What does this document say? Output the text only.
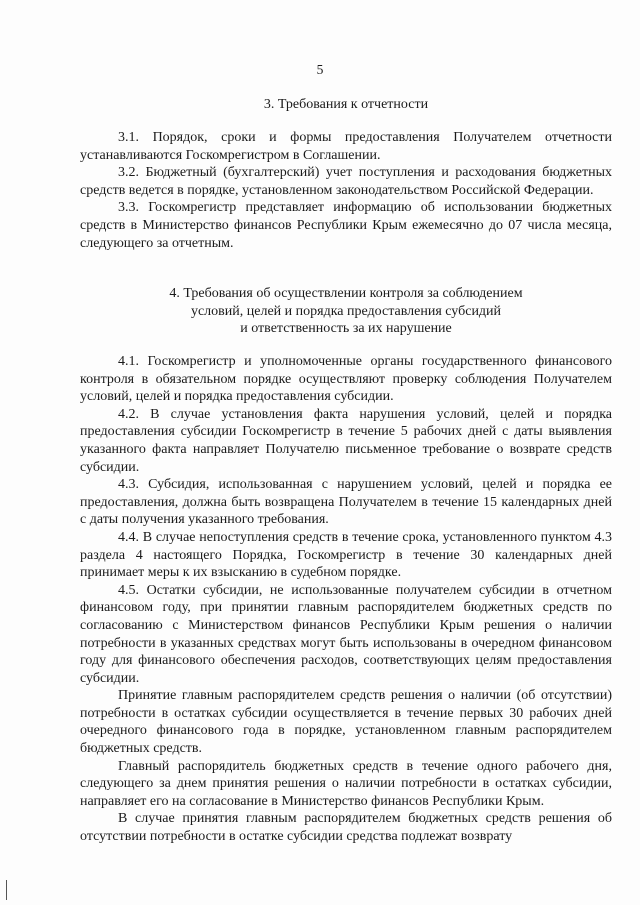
5
3. Требования к отчетности

3.1. Порядок, сроки и формы предоставления Получателем отчетности устанавливаются Госкомрегистром в Соглашении.

3.2. Бюджетный (бухгалтерский) учет поступления и расходования бюджетных средств ведется в порядке, установленном законодательством Российской Федерации.

3.3. Госкомрегистр представляет информацию об использовании бюджетных средств в Министерство финансов Республики Крым ежемесячно до 07 числа месяца, следующего за отчетным.

4. Требования об осуществлении контроля за соблюдением
условий, целей и порядка предоставления субсидий
и ответственность за их нарушение

4.1. Госкомрегистр и уполномоченные органы государственного финансового контроля в обязательном порядке осуществляют проверку соблюдения Получателем условий, целей и порядка предоставления субсидии.

4.2. В случае установления факта нарушения условий, целей и порядка предоставления субсидии Госкомрегистр в течение 5 рабочих дней с даты выявления указанного факта направляет Получателю письменное требование о возврате средств субсидии.

4.3. Субсидия, использованная с нарушением условий, целей и порядка ее предоставления, должна быть возвращена Получателем в течение 15 календарных дней с даты получения указанного требования.

4.4. В случае непоступления средств в течение срока, установленного пунктом 4.3 раздела 4 настоящего Порядка, Госкомрегистр в течение 30 календарных дней принимает меры к их взысканию в судебном порядке.

4.5. Остатки субсидии, не использованные получателем субсидии в отчетном финансовом году, при принятии главным распорядителем бюджетных средств по согласованию с Министерством финансов Республики Крым решения о наличии потребности в указанных средствах могут быть использованы в очередном финансовом году для финансового обеспечения расходов, соответствующих целям предоставления субсидии.

Принятие главным распорядителем средств решения о наличии (об отсутствии) потребности в остатках субсидии осуществляется в течение первых 30 рабочих дней очередного финансового года в порядке, установленном главным распорядителем бюджетных средств.

Главный распорядитель бюджетных средств в течение одного рабочего дня, следующего за днем принятия решения о наличии потребности в остатках субсидии, направляет его на согласование в Министерство финансов Республики Крым.

В случае принятия главным распорядителем бюджетных средств решения об отсутствии потребности в остатке субсидии средства подлежат возврату
